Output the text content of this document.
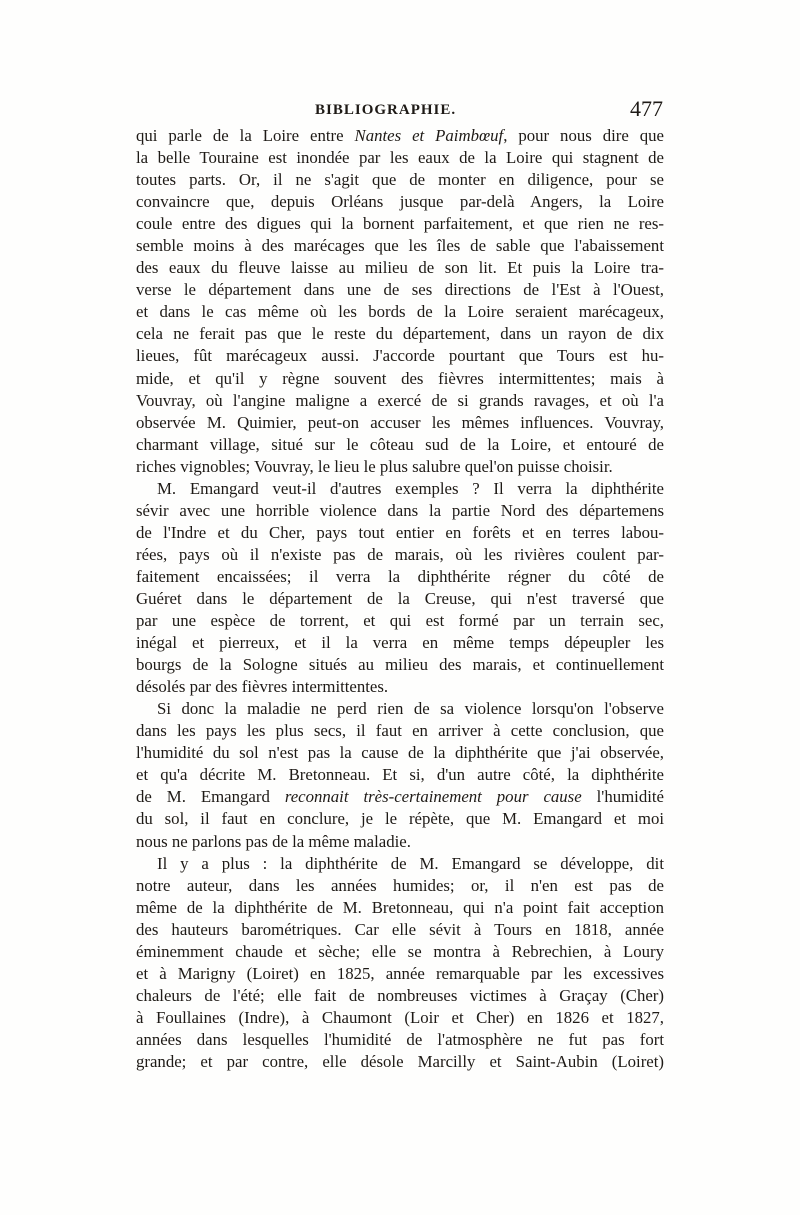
BIBLIOGRAPHIE.	477
qui parle de la Loire entre Nantes et Paimbœuf, pour nous dire que
la belle Touraine est inondée par les eaux de la Loire qui stagnent de
toutes parts. Or, il ne s'agit que de monter en diligence, pour se
convaincre que, depuis Orléans jusque par-delà Angers, la Loire
coule entre des digues qui la bornent parfaitement, et que rien ne res-
semble moins à des marécages que les îles de sable que l'abaissement
des eaux du fleuve laisse au milieu de son lit. Et puis la Loire tra-
verse le département dans une de ses directions de l'Est à l'Ouest,
et dans le cas même où les bords de la Loire seraient marécageux,
cela ne ferait pas que le reste du département, dans un rayon de dix
lieues, fût marécageux aussi. J'accorde pourtant que Tours est hu-
mide, et qu'il y règne souvent des fièvres intermittentes; mais à
Vouvray, où l'angine maligne a exercé de si grands ravages, et où l'a
observée M. Quimier, peut-on accuser les mêmes influences. Vouvray,
charmant village, situé sur le côteau sud de la Loire, et entouré de
riches vignobles; Vouvray, le lieu le plus salubre quel'on puisse choisir.
M. Emangard veut-il d'autres exemples ? Il verra la diphthérite
sévir avec une horrible violence dans la partie Nord des départemens
de l'Indre et du Cher, pays tout entier en forêts et en terres labou-
rées, pays où il n'existe pas de marais, où les rivières coulent par-
faitement encaissées; il verra la diphthérite régner du côté de
Guéret dans le département de la Creuse, qui n'est traversé que
par une espèce de torrent, et qui est formé par un terrain sec,
inégal et pierreux, et il la verra en même temps dépeupler les
bourgs de la Sologne situés au milieu des marais, et continuellement
désolés par des fièvres intermittentes.
Si donc la maladie ne perd rien de sa violence lorsqu'on l'observe
dans les pays les plus secs, il faut en arriver à cette conclusion, que
l'humidité du sol n'est pas la cause de la diphthérite que j'ai observée,
et qu'a décrite M. Bretonneau. Et si, d'un autre côté, la diphthérite
de M. Emangard reconnait très-certainement pour cause l'humidité
du sol, il faut en conclure, je le répète, que M. Emangard et moi
nous ne parlons pas de la même maladie.
Il y a plus : la diphthérite de M. Emangard se développe, dit
notre auteur, dans les années humides; or, il n'en est pas de
même de la diphthérite de M. Bretonneau, qui n'a point fait acception
des hauteurs barométriques. Car elle sévit à Tours en 1818, année
éminemment chaude et sèche; elle se montra à Rebrechien, à Loury
et à Marigny (Loiret) en 1825, année remarquable par les excessives
chaleurs de l'été; elle fait de nombreuses victimes à Graçay (Cher)
à Foullaines (Indre), à Chaumont (Loir et Cher) en 1826 et 1827,
années dans lesquelles l'humidité de l'atmosphère ne fut pas fort
grande; et par contre, elle désole Marcilly et Saint-Aubin (Loiret)
